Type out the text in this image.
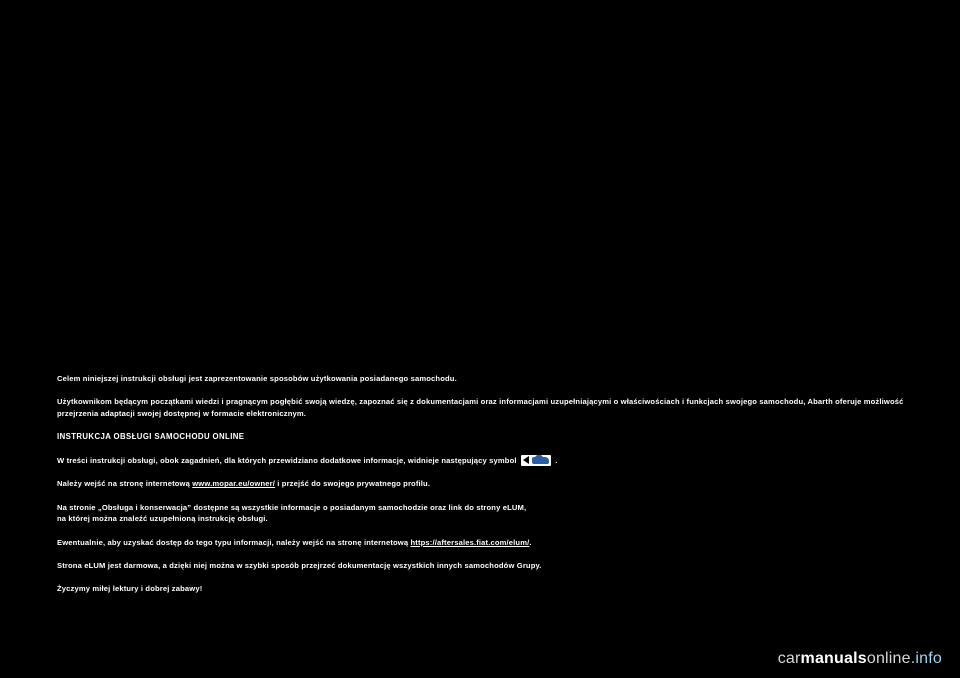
Celem niniejszej instrukcji obsługi jest zaprezentowanie sposobów użytkowania posiadanego samochodu.

Użytkownikom będącym początkami wiedzi i pragnącym pogłębić swoją wiedzę, zapoznać się z dokumentacjami oraz informacjami uzupełniającymi o właściwościach i funkcjach swojego samochodu, Abarth oferuje możliwość przejrzenia adaptacji swojej dostępnej w formacie elektronicznym.

INSTRUKCJA OBSŁUGI SAMOCHODU ONLINE

W treści instrukcji obsługi, obok zagadnień, dla których przewidziano dodatkowe informacje, widnieje następujący symbol	.

Należy wejść na stronę internetową www.mopar.eu/owner/ i przejść do swojego prywatnego profilu.

Na stronie „Obsługa i konserwacja” dostępne są wszystkie informacje o posiadanym samochodzie oraz link do strony eLUM,
na której można znaleźć uzupełnioną instrukcję obsługi.

Ewentualnie, aby uzyskać dostęp do tego typu informacji, należy wejść na stronę internetową https://aftersales.fiat.com/elum/.

Strona eLUM jest darmowa, a dzięki niej można w szybki sposób przejrzeć dokumentację wszystkich innych samochodów Grupy.

Życzymy miłej lektury i dobrej zabawy!

carmanualsonline.info
